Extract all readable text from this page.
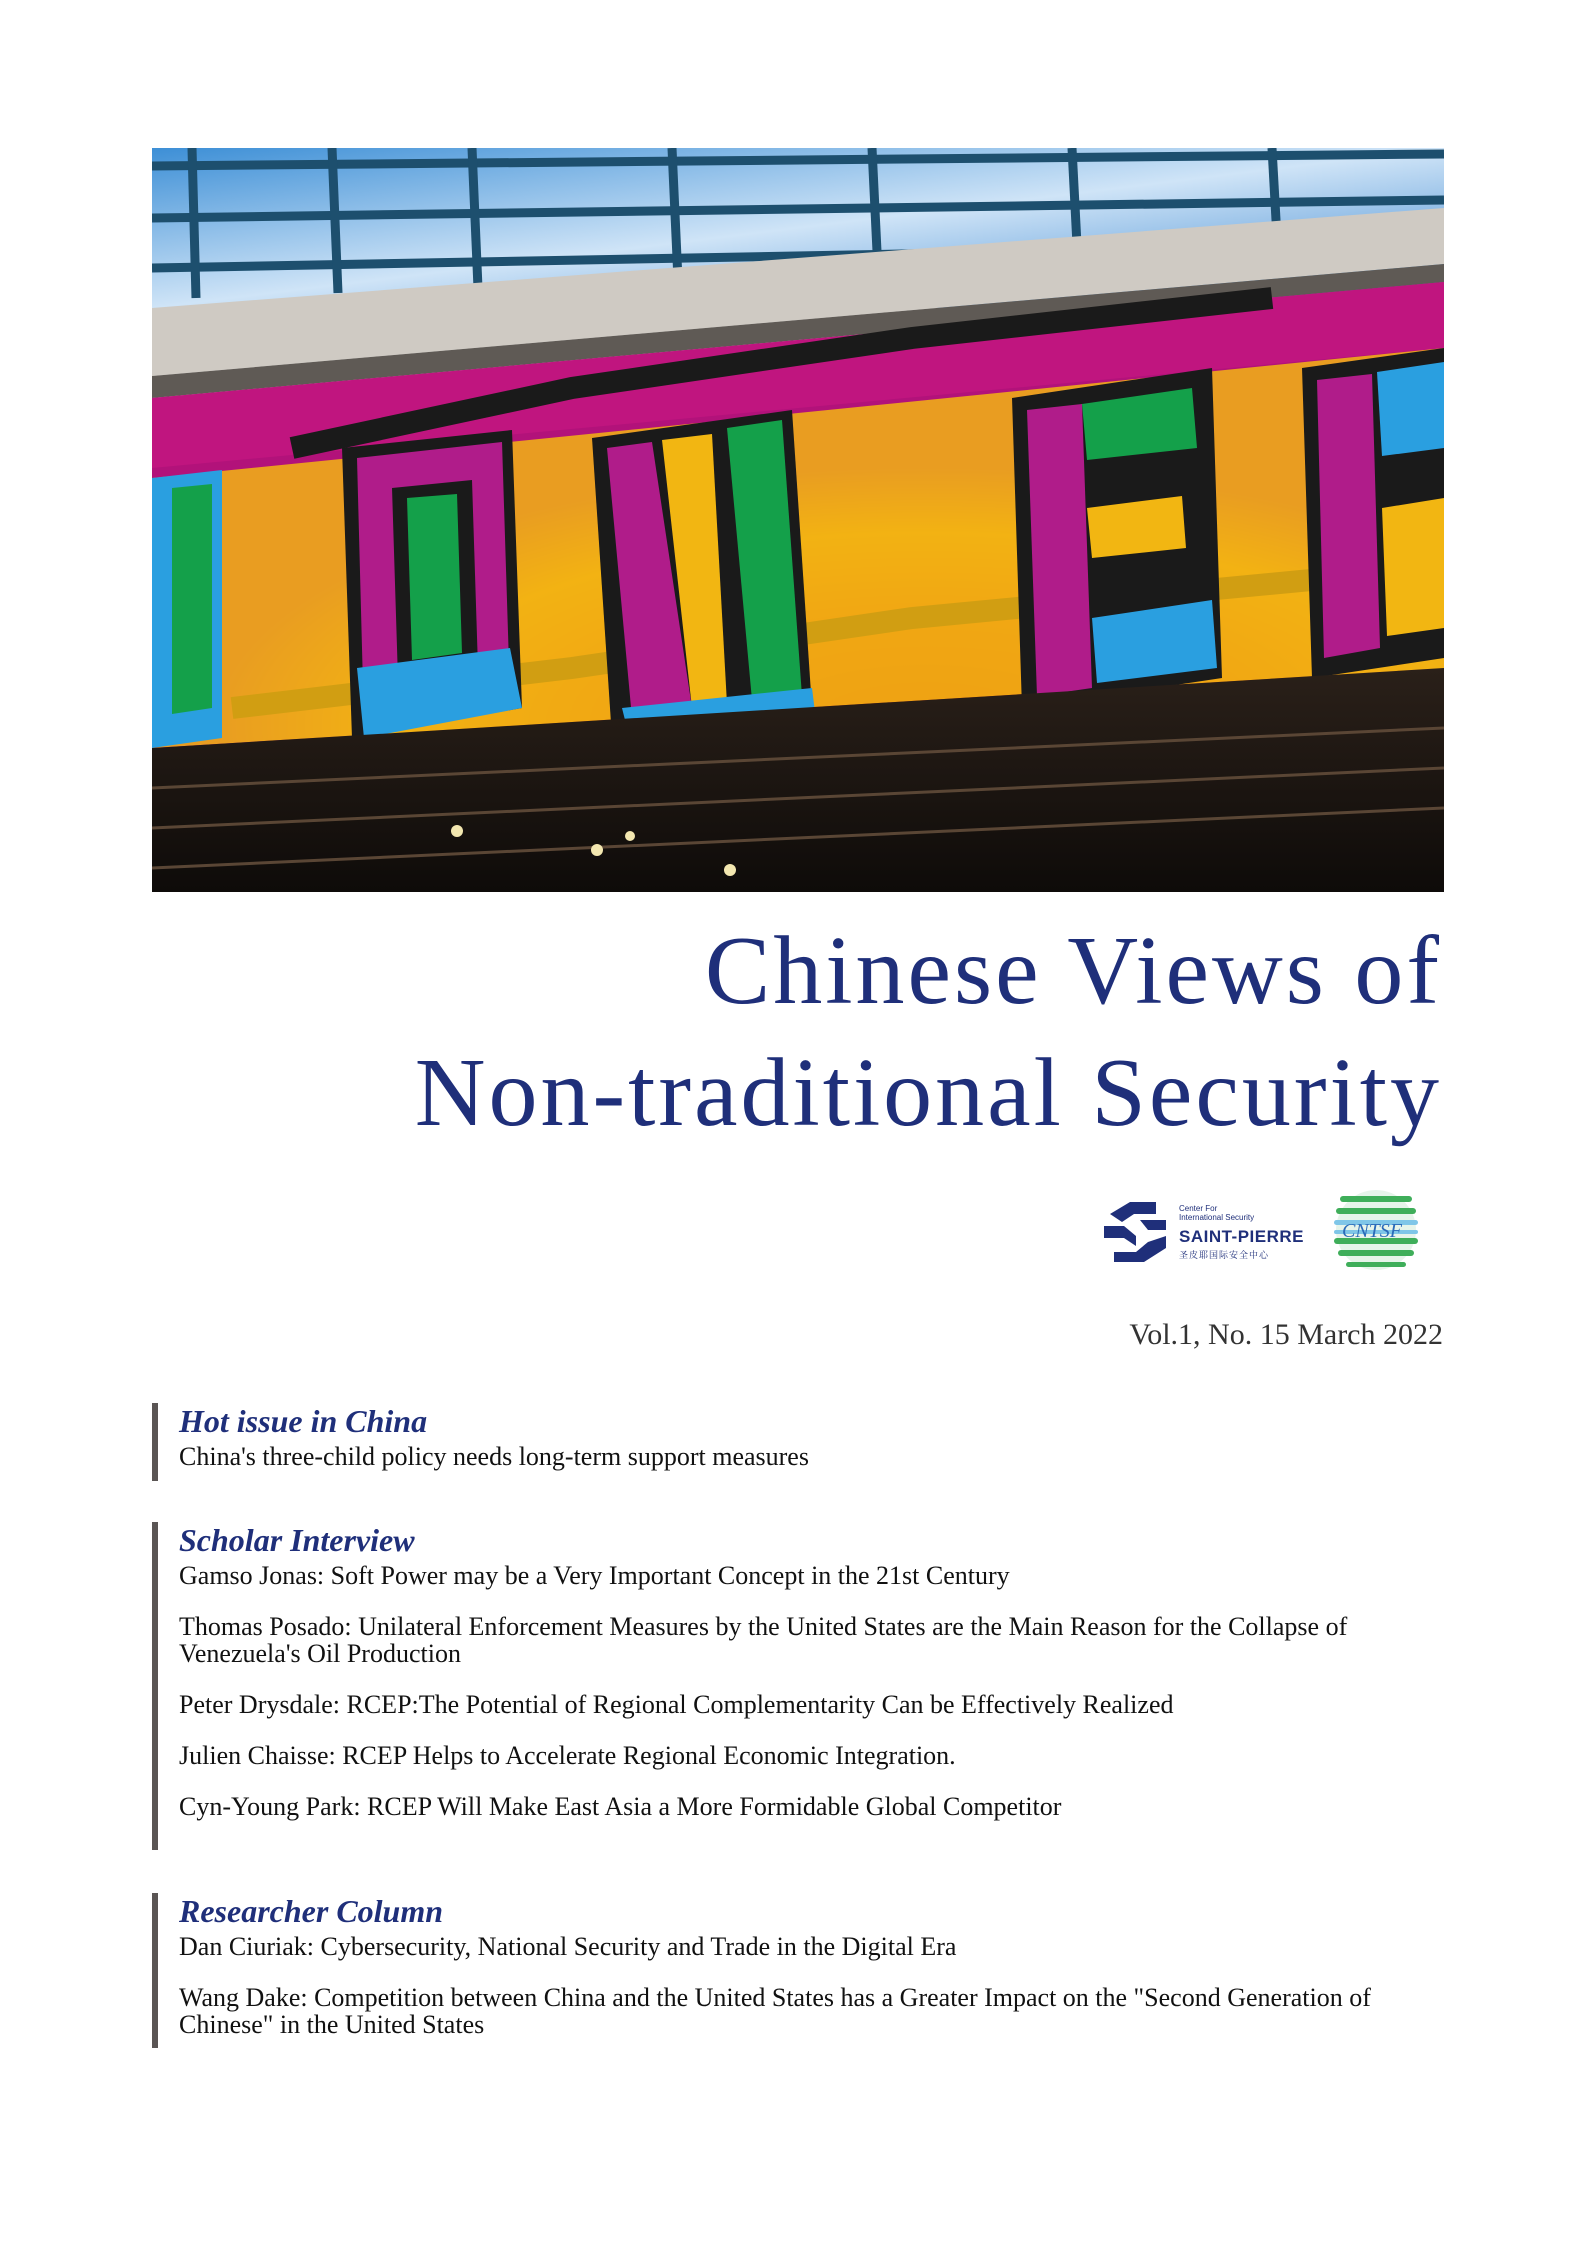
Chinese Views of
Non-traditional Security
Center For
International Security
SAINT-PIERRE
圣皮耶国际安全中心
CNTSF
Vol.1, No. 15 March 2022
Hot issue in China

China's three-child policy needs long-term support measures

Scholar Interview

Gamso Jonas: Soft Power may be a Very Important Concept in the 21st Century

Thomas Posado: Unilateral Enforcement Measures by the United States are the Main Reason for the Collapse of Venezuela's Oil Production

Peter Drysdale: RCEP:The Potential of Regional Complementarity Can be Effectively Realized

Julien Chaisse: RCEP Helps to Accelerate Regional Economic Integration.

Cyn-Young Park: RCEP Will Make East Asia a More Formidable Global Competitor

Researcher Column

Dan Ciuriak: Cybersecurity, National Security and Trade in the Digital Era

Wang Dake: Competition between China and the United States has a Greater Impact on the "Second Generation of Chinese" in the United States
